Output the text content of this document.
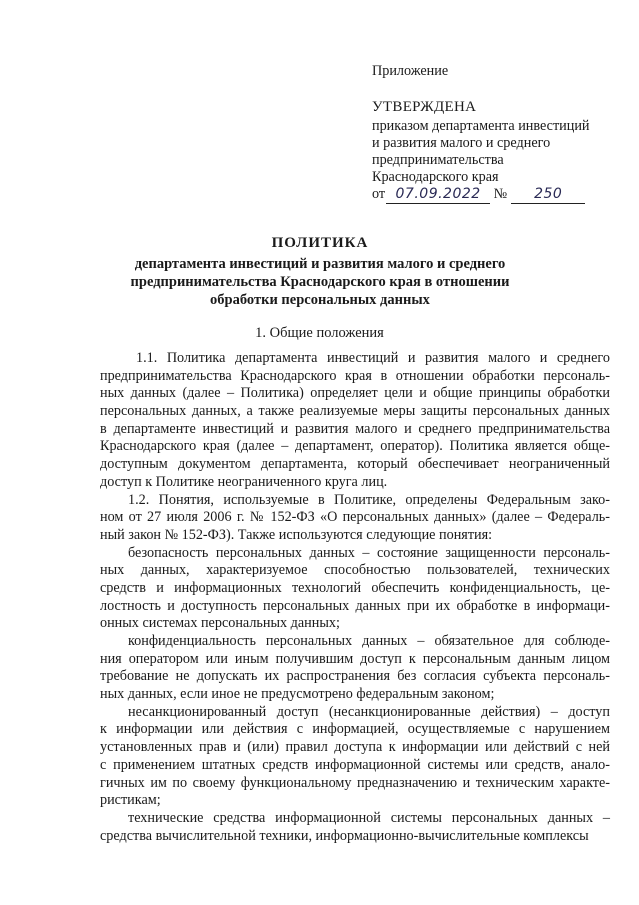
Приложение
УТВЕРЖДЕНА
приказом департамента инвестиций
и развития малого и среднего
предпринимательства
Краснодарского края
от 07.09.2022 № 250
ПОЛИТИКА
департамента инвестиций и развития малого и среднего
предпринимательства Краснодарского края в отношении
обработки персональных данных
1. Общие положения
1.1. Политика департамента инвестиций и развития малого и среднего
предпринимательства Краснодарского края в отношении обработки персональ-
ных данных (далее – Политика) определяет цели и общие принципы обработки
персональных данных, а также реализуемые меры защиты персональных данных
в департаменте инвестиций и развития малого и среднего предпринимательства
Краснодарского края (далее – департамент, оператор). Политика является обще-
доступным документом департамента, который обеспечивает неограниченный
доступ к Политике неограниченного круга лиц.
1.2. Понятия, используемые в Политике, определены Федеральным зако-
ном от 27 июля 2006 г. № 152-ФЗ «О персональных данных» (далее – Федераль-
ный закон № 152-ФЗ). Также используются следующие понятия:
безопасность персональных данных – состояние защищенности персональ-
ных данных, характеризуемое способностью пользователей, технических
средств и информационных технологий обеспечить конфиденциальность, це-
лостность и доступность персональных данных при их обработке в информаци-
онных системах персональных данных;
конфиденциальность персональных данных – обязательное для соблюде-
ния оператором или иным получившим доступ к персональным данным лицом
требование не допускать их распространения без согласия субъекта персональ-
ных данных, если иное не предусмотрено федеральным законом;
несанкционированный доступ (несанкционированные действия) – доступ
к информации или действия с информацией, осуществляемые с нарушением
установленных прав и (или) правил доступа к информации или действий с ней
с применением штатных средств информационной системы или средств, анало-
гичных им по своему функциональному предназначению и техническим характе-
ристикам;
технические средства информационной системы персональных данных –
средства вычислительной техники, информационно-вычислительные комплексы
